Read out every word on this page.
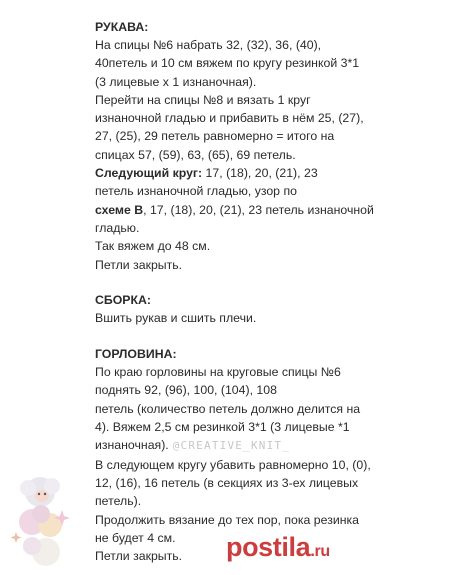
РУКАВА:

На спицы №6 набрать 32, (32), 36, (40),

40петель и 10 см вяжем по кругу резинкой 3*1

(3 лицевые х 1 изнаночная).

Перейти на спицы №8 и вязать 1 круг

изнаночной гладью и прибавить в нём 25, (27),

27, (25), 29 петель равномерно = итого на

спицах 57, (59), 63, (65), 69 петель.

Следующий круг: 17, (18), 20, (21), 23

петель изнаночной гладью, узор по

схеме В, 17, (18), 20, (21), 23 петель изнаночной

гладью.

Так вяжем до 48 см.

Петли закрыть.

СБОРКА:

Вшить рукав и сшить плечи.

ГОРЛОВИНА:

По краю горловины на круговые спицы №6

поднять 92, (96), 100, (104), 108

петель (количество петель должно делится на

4). Вяжем 2,5 см резинкой 3*1 (3 лицевые *1

изнаночная). @CREATIVE_KNIT_

В следующем кругу убавить равномерно 10, (0),

12, (16), 16 петель (в секциях из 3-ех лицевых

петель).

Продолжить вязание до тех пор, пока резинка

не будет 4 см.

Петли закрыть.	postila.ru
